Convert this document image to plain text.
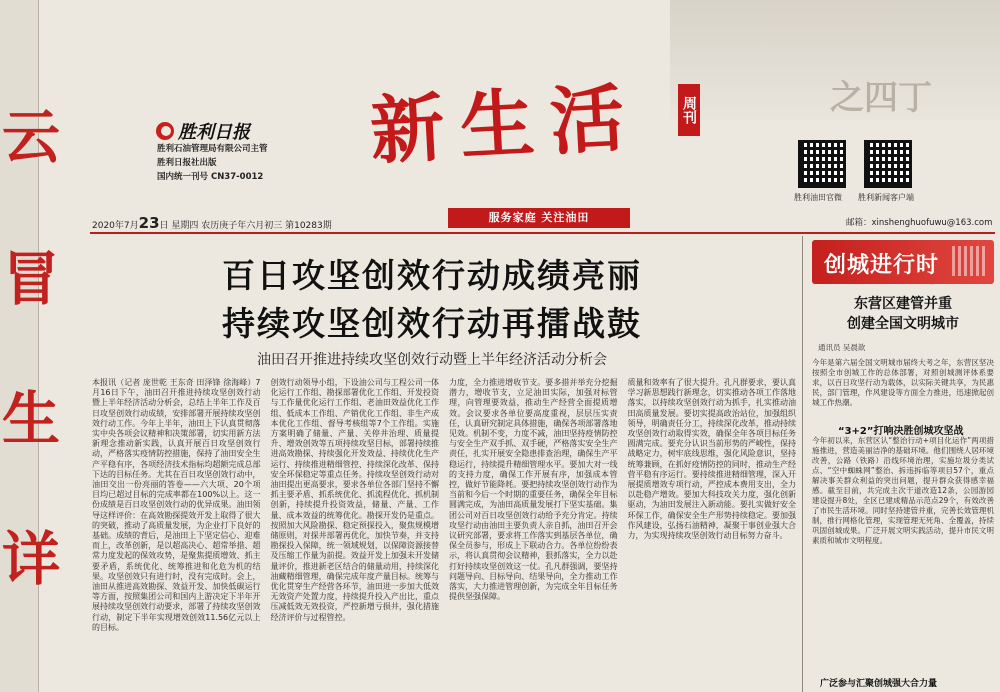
之四丁
胜利日报
胜利石油管理局有限公司主管
胜利日报社出版
国内统一刊号 CN37-0012
新生活	周刊
胜利油田官微 胜利新闻客户端
2020年7月23日 星期四 农历庚子年六月初三 第10283期
服务家庭 关注油田	邮箱：xinshenghuofuwu@163.com
百日攻坚创效行动成绩亮丽
持续攻坚创效行动再擂战鼓
油田召开推进持续攻坚创效行动暨上半年经济活动分析会
本报讯（记者 庞世乾 王东奇 田泽锋 徐海峰）7月16日下午，油田召开推进持续攻坚创效行动暨上半年经济活动分析会，总结上半年工作及百日攻坚创效行动成绩，安排部署开展持续攻坚创效行动工作。今年上半年，油田上下认真贯彻落实中央各项会议精神和决策部署，切实用新方法新理念推动新实践，认真开展百日攻坚创效行动，严格落实疫情防控措施，保持了油田安全生产平稳有序，各项经济技术指标均超额完成总部下达的目标任务。尤其在百日攻坚创效行动中，油田交出一份亮丽的答卷——六大项、20个项目均已超过目标的完成率都在100%以上。这一份成绩是百日攻坚创效行动的优异成果。油田领导这样评价：在高效勘探提效开发上取得了很大的突破，推动了高质量发展，为企业打下良好的基础。成绩的背后，是油田上下坚定信心、迎难而上，改革创新，是以超高决心、超常举措、超常力度发起的保效攻势，是聚焦提质增效、抓主要矛盾，系统优化、统筹推进和化危为机的结果。攻坚创效只有进行时，没有完成时。会上，油田从推进高效勘探、效益开发、加快低碳运行等方面，按照集团公司和国内上游决定下半年开展持续攻坚创效行动要求，部署了持续攻坚创效行动，制定下半年实现增效创效11.56亿元以上的目标。
创效行动领导小组，下设油公司与工程公司一体化运行工作组、勘探部署优化工作组、开发投资与工作量优化运行工作组、老油田效益优化工作组、低成本工作组、产销优化工作组、非生产成本优化工作组、督导考核组等7个工作组。实施方案明确了储量、产量、关停井治理、质量提升、增效创效等五项持续攻坚目标，部署持续推进高效勘探、持续强化开发效益、持续优化生产运行、持续推进精细管控、持续深化改革、保持安全环保稳定等重点任务。持续攻坚创效行动对油田提出更高要求，要求各单位各部门坚持不懈抓主要矛盾、抓系统优化、抓流程优化、抓机制创新，持续提升投资效益，储量、产量、工作量、成本效益的统筹优化。勘探开发仍是重点。按照加大风险勘探、稳定预探投入，聚焦规模增储原则，对探井部署再优化，加快节奏，并支持勘探投入保障，统一领域规划，以保障资源接替及压缩工作量为前提。效益开发上加强未开发储量评价，推进新老区结合的储量动用，持续深化油藏精细管理，确保完成年度产量目标。统筹与优化贯穿生产经营各环节，油田进一步加大低效无效资产处置力度，持续提升投入产出比，重点压减低效无效投资，严控新增亏损井，强化措施经济评价与过程管控。
力度，全力推进增收节支。要多措并举充分挖掘潜力，增收节支，立足油田实际，加强对标管理，向管理要效益，推动生产经营全面提质增效。会议要求各单位要高度重视，层层压实责任，认真研究制定具体措施，确保各项部署落地见效。机制不变，力度不减，油田坚持疫情防控与安全生产双手抓、双手硬，严格落实安全生产责任，扎实开展安全隐患排查治理，确保生产平稳运行，持续提升精细管理水平。要加大对一线的支持力度，确保工作开展有序，加强成本管控，做好节能降耗。要把持续攻坚创效行动作为当前和今后一个时期的重要任务，确保全年目标圆满完成，为油田高质量发展打下坚实基础。集团公司对百日攻坚创效行动给予充分肯定。持续攻坚行动由油田主要负责人亲自抓，油田召开会议研究部署，要求将工作落实到基层各单位，确保全员参与，形成上下联动合力。各单位纷纷表示，将认真贯彻会议精神，狠抓落实，全力以赴打好持续攻坚创效这一仗。孔凡群强调，要坚持问题导向、目标导向、结果导向，全力推动工作落实，大力推进管理创新，为完成全年目标任务提供坚强保障。
质量和效率有了很大提升。孔凡群要求，要认真学习新思想践行新理念，切实推动各项工作落地落实，以持续攻坚创效行动为抓手，扎实推动油田高质量发展。要切实提高政治站位，加强组织领导，明确责任分工，持续深化改革，推动持续攻坚创效行动取得实效，确保全年各项目标任务圆满完成。要充分认识当前形势的严峻性，保持战略定力，树牢底线思维，强化风险意识，坚持统筹兼顾，在抓好疫情防控的同时，推动生产经营平稳有序运行。要持续推进精细管理，深入开展提质增效专项行动，严控成本费用支出，全力以赴稳产增效。要加大科技攻关力度，强化创新驱动，为油田发展注入新动能。要扎实做好安全环保工作，确保安全生产形势持续稳定。要加强作风建设，弘扬石油精神，凝聚干事创业强大合力，为实现持续攻坚创效行动目标努力奋斗。
创城进行时
东营区建管并重
创建全国文明城市
通讯员 吴晨歆
今年是第六届全国文明城市届终大考之年，东营区坚决按照全市创城工作的总体部署，对照创城测评体系要求，以百日攻坚行动为载体，以实际关键共享，为民惠民，部门管理，作风建设等方面全力推进，迅速掀起创城工作热潮。
“3+2”打响决胜创城攻坚战
今年初以来，东营区认“整治行动+项目化运作”两项措施推进，营造美丽洁净的基础环境。他们围绕人居环境改善，公路（铁路）沿线环境治理，实施垃圾分类试点、“空中蜘蛛网”整治、拆违拆临等项目57个，重点解决事关群众利益的突出问题，提升群众获得感幸福感。截至目前，共完成主次干道改造12条，公园游园建设提升8处，全区已建成精品示范点29个，有效改善了市民生活环境。同时坚持建管并重，完善长效管理机制，推行网格化管理，实现管理无死角、全覆盖，持续巩固创城成果。广泛开展文明实践活动，提升市民文明素质和城市文明程度。
广泛参与汇聚创城强大合力量
云
冒
生
详
